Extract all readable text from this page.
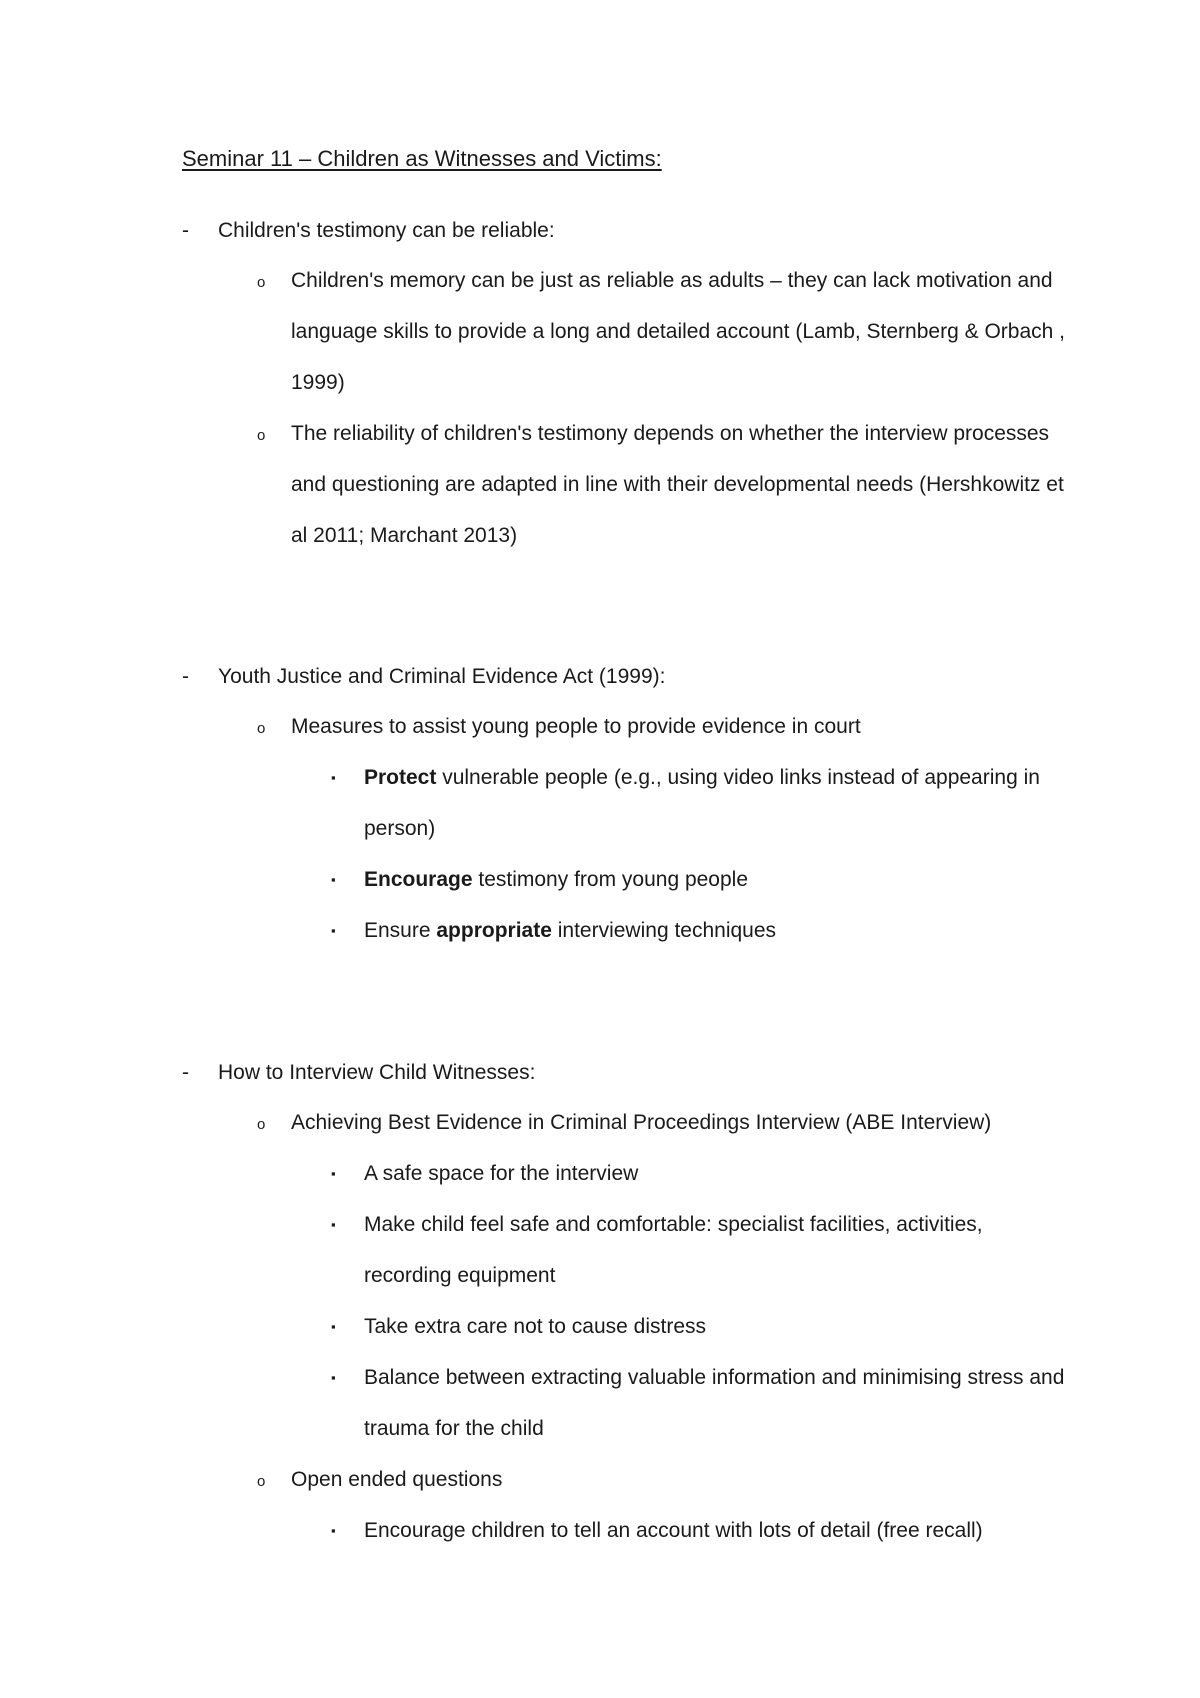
Seminar 11 – Children as Witnesses and Victims:
- Children's testimony can be reliable:
o Children's memory can be just as reliable as adults – they can lack motivation and language skills to provide a long and detailed account (Lamb, Sternberg & Orbach , 1999)
o The reliability of children's testimony depends on whether the interview processes and questioning are adapted in line with their developmental needs (Hershkowitz et al 2011; Marchant 2013)
- Youth Justice and Criminal Evidence Act (1999):
o Measures to assist young people to provide evidence in court
▪ Protect vulnerable people (e.g., using video links instead of appearing in person)
▪ Encourage testimony from young people
▪ Ensure appropriate interviewing techniques
- How to Interview Child Witnesses:
o Achieving Best Evidence in Criminal Proceedings Interview (ABE Interview)
▪ A safe space for the interview
▪ Make child feel safe and comfortable: specialist facilities, activities, recording equipment
▪ Take extra care not to cause distress
▪ Balance between extracting valuable information and minimising stress and trauma for the child
o Open ended questions
▪ Encourage children to tell an account with lots of detail (free recall)
